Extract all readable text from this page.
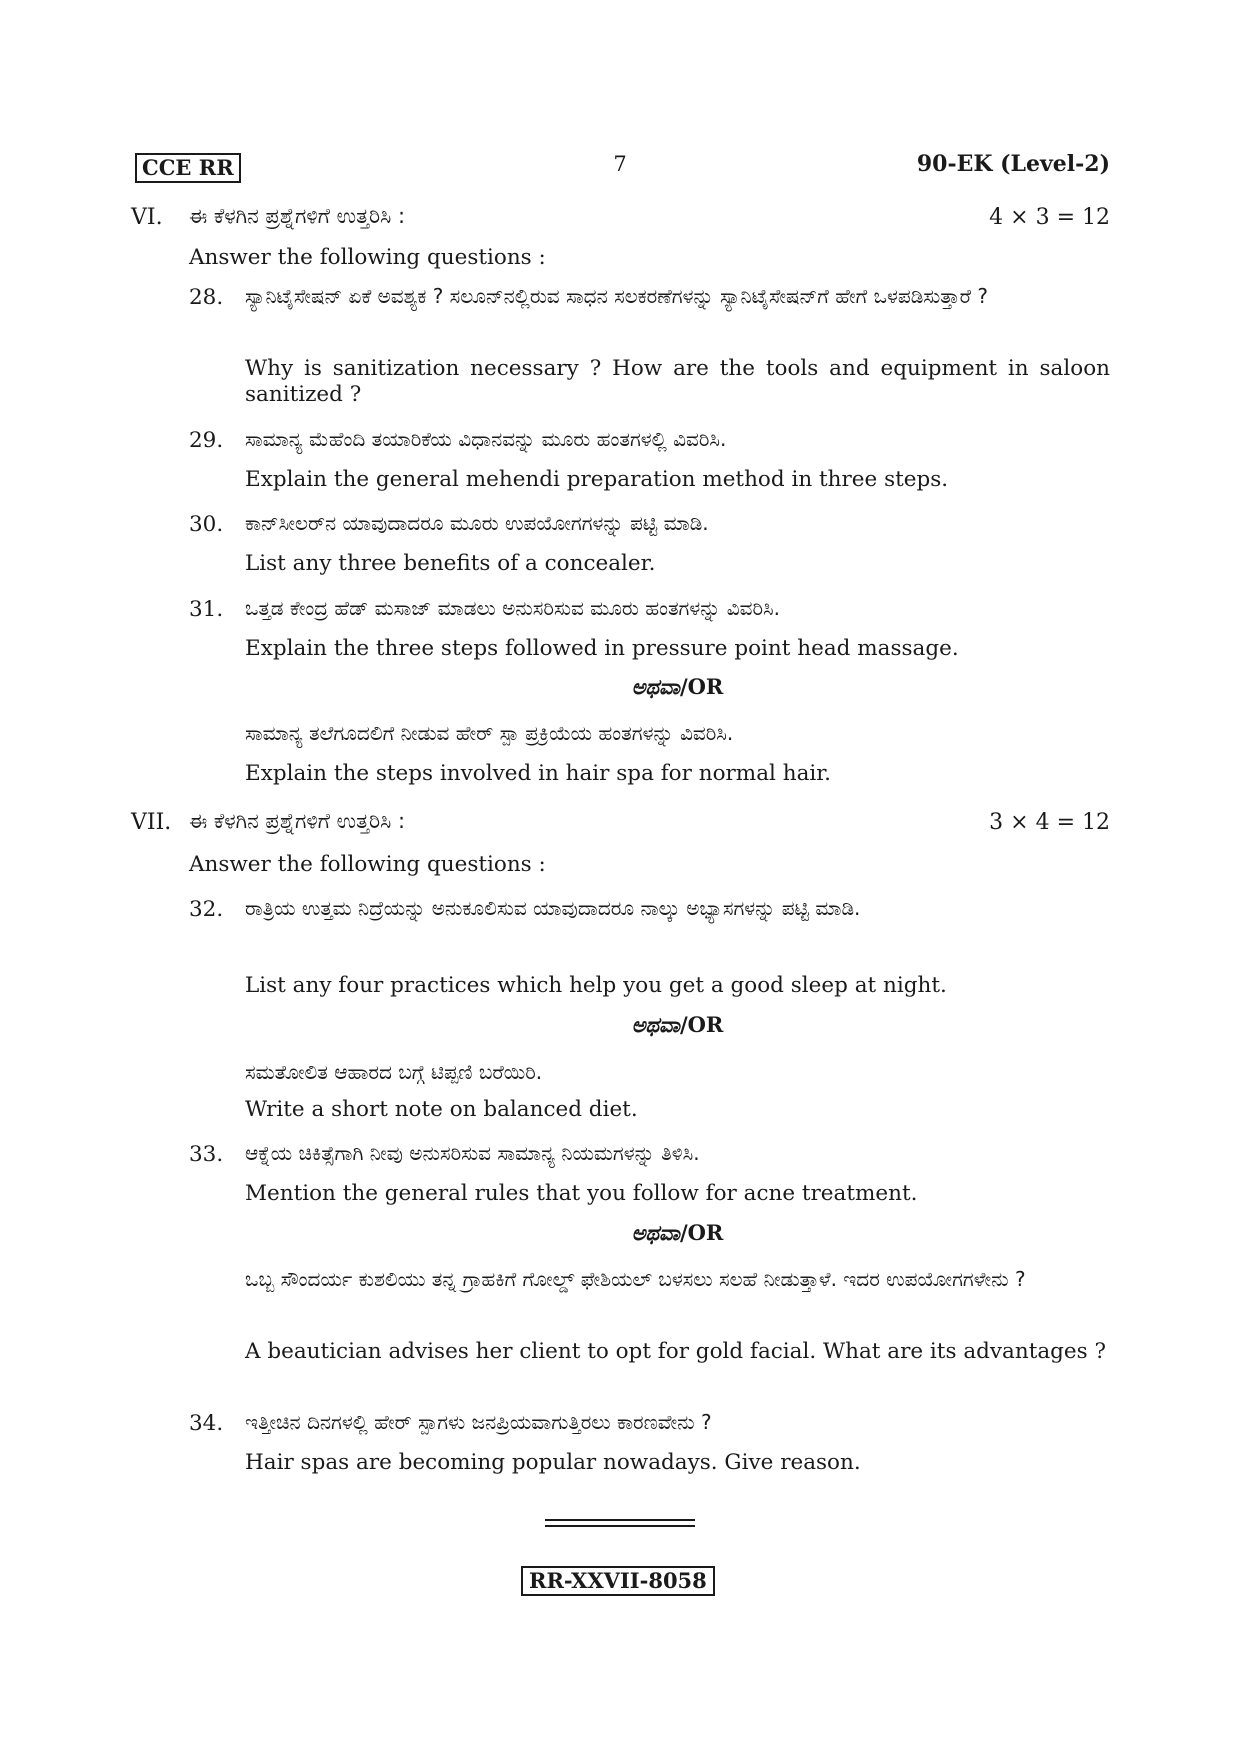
CCE RR	7	90-EK (Level-2)
VI. ಈ ಕೆಳಗಿನ ಪ್ರಶ್ನೆಗಳಿಗೆ ಉತ್ತರಿಸಿ :	4 × 3 = 12
Answer the following questions :
28. ಸ್ಯಾನಿಟೈಸೇಷನ್ ಏಕೆ ಅವಶ್ಯಕ ? ಸಲೂನ್‌ನಲ್ಲಿರುವ ಸಾಧನ ಸಲಕರಣೆಗಳನ್ನು ಸ್ಯಾನಿಟೈಸೇಷನ್‌ಗೆ ಹೇಗೆ ಒಳಪಡಿಸುತ್ತಾರೆ ?
Why is sanitization necessary ? How are the tools and equipment in saloon sanitized ?
29. ಸಾಮಾನ್ಯ ಮೆಹೆಂದಿ ತಯಾರಿಕೆಯ ವಿಧಾನವನ್ನು ಮೂರು ಹಂತಗಳಲ್ಲಿ ವಿವರಿಸಿ.
Explain the general mehendi preparation method in three steps.
30. ಕಾನ್‌ಸೀಲರ್‌ನ ಯಾವುದಾದರೂ ಮೂರು ಉಪಯೋಗಗಳನ್ನು ಪಟ್ಟಿ ಮಾಡಿ.
List any three benefits of a concealer.
31. ಒತ್ತಡ ಕೇಂದ್ರ ಹೆಡ್ ಮಸಾಜ್ ಮಾಡಲು ಅನುಸರಿಸುವ ಮೂರು ಹಂತಗಳನ್ನು ವಿವರಿಸಿ.
Explain the three steps followed in pressure point head massage.
ಅಥವಾ/OR
ಸಾಮಾನ್ಯ ತಲೆಗೂದಲಿಗೆ ನೀಡುವ ಹೇರ್ ಸ್ಪಾ ಪ್ರಕ್ರಿಯೆಯ ಹಂತಗಳನ್ನು ವಿವರಿಸಿ.
Explain the steps involved in hair spa for normal hair.
VII. ಈ ಕೆಳಗಿನ ಪ್ರಶ್ನೆಗಳಿಗೆ ಉತ್ತರಿಸಿ :	3 × 4 = 12
Answer the following questions :
32. ರಾತ್ರಿಯ ಉತ್ತಮ ನಿದ್ರೆಯನ್ನು ಅನುಕೂಲಿಸುವ ಯಾವುದಾದರೂ ನಾಲ್ಕು ಅಭ್ಯಾಸಗಳನ್ನು ಪಟ್ಟಿ ಮಾಡಿ.
List any four practices which help you get a good sleep at night.
ಅಥವಾ/OR
ಸಮತೋಲಿತ ಆಹಾರದ ಬಗ್ಗೆ ಟಿಪ್ಪಣಿ ಬರೆಯಿರಿ.
Write a short note on balanced diet.
33. ಆಕ್ನೆಯ ಚಿಕಿತ್ಸೆಗಾಗಿ ನೀವು ಅನುಸರಿಸುವ ಸಾಮಾನ್ಯ ನಿಯಮಗಳನ್ನು ತಿಳಿಸಿ.
Mention the general rules that you follow for acne treatment.
ಅಥವಾ/OR
ಒಬ್ಬ ಸೌಂದರ್ಯ ಕುಶಲಿಯು ತನ್ನ ಗ್ರಾಹಕಿಗೆ ಗೋಲ್ಡ್ ಫೇಶಿಯಲ್ ಬಳಸಲು ಸಲಹೆ ನೀಡುತ್ತಾಳೆ. ಇದರ ಉಪಯೋಗಗಳೇನು ?
A beautician advises her client to opt for gold facial. What are its advantages ?
34. ಇತ್ತೀಚಿನ ದಿನಗಳಲ್ಲಿ ಹೇರ್ ಸ್ಪಾಗಳು ಜನಪ್ರಿಯವಾಗುತ್ತಿರಲು ಕಾರಣವೇನು ?
Hair spas are becoming popular nowadays. Give reason.
RR-XXVII-8058
